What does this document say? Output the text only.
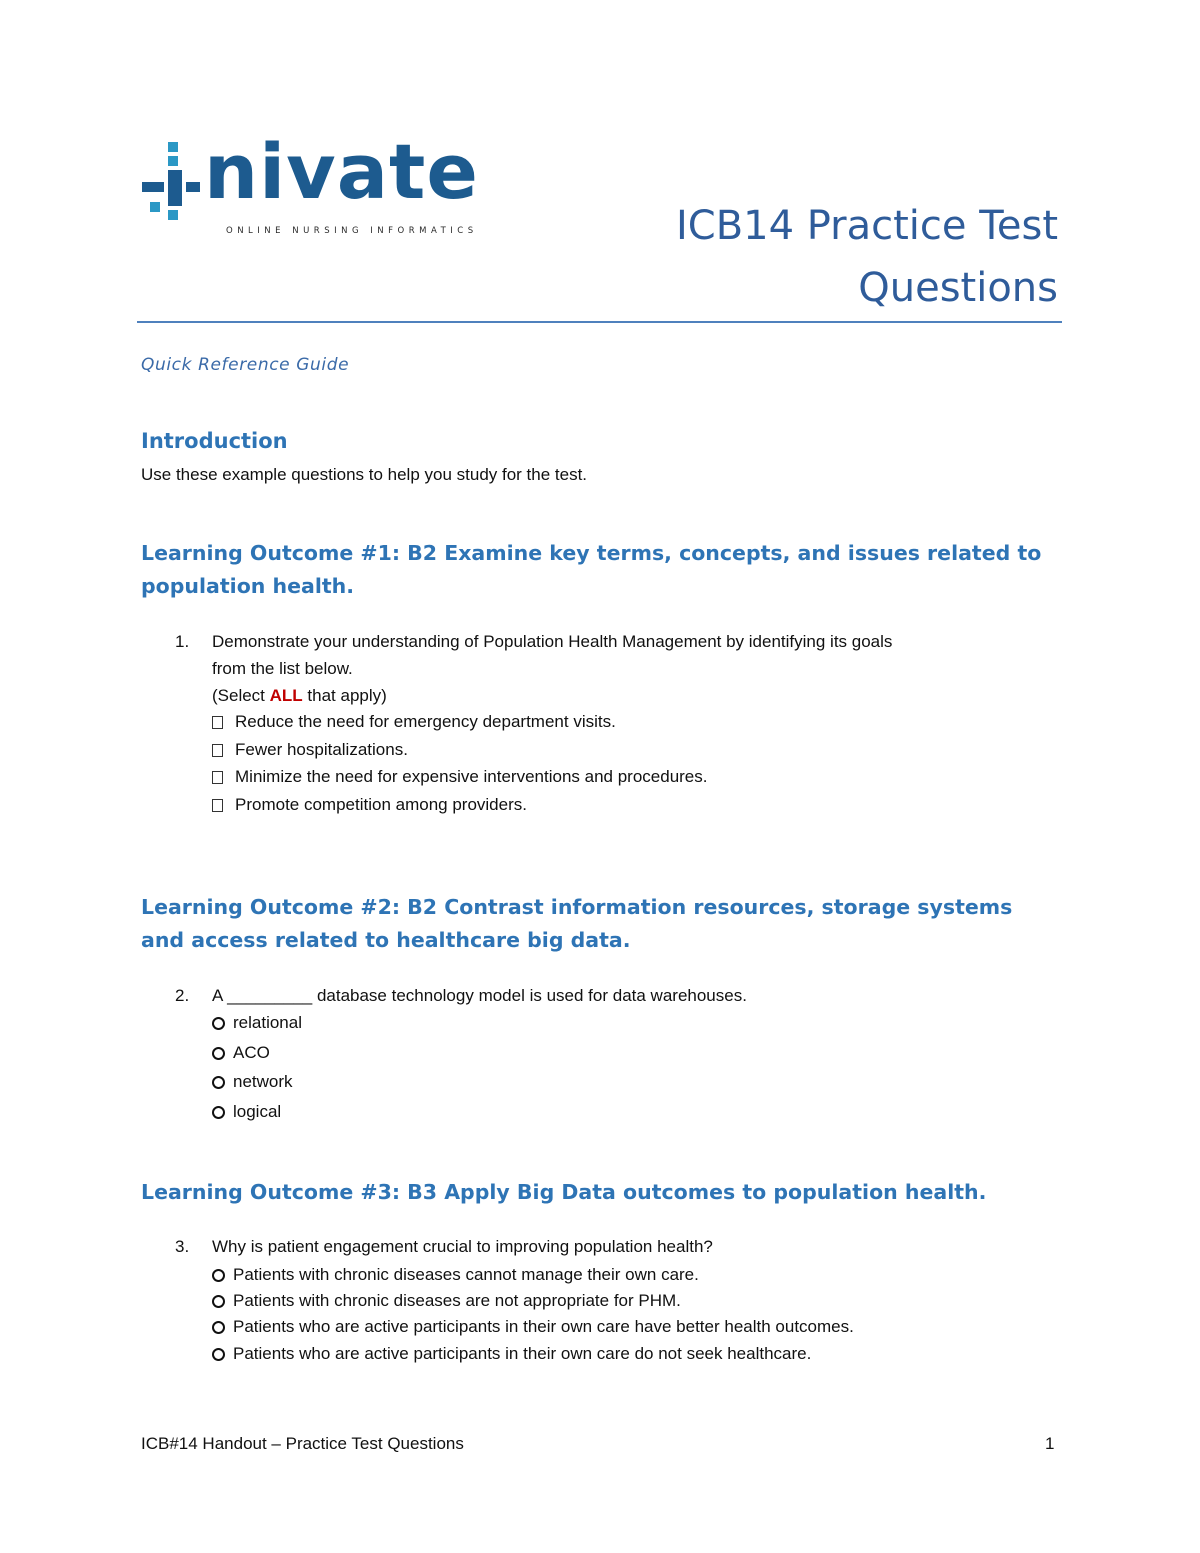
nivate
ONLINE NURSING INFORMATICS	ICB14 Practice Test
Questions
Quick Reference Guide
Introduction
Use these example questions to help you study for the test.
Learning Outcome #1: B2 Examine key terms, concepts, and issues related to population health.
1. Demonstrate your understanding of Population Health Management by identifying its goals
from the list below.
(Select ALL that apply)
Reduce the need for emergency department visits.
Fewer hospitalizations.
Minimize the need for expensive interventions and procedures.
Promote competition among providers.
Learning Outcome #2: B2 Contrast information resources, storage systems and access related to healthcare big data.
2. A _________ database technology model is used for data warehouses.
relational
ACO
network
logical
Learning Outcome #3: B3 Apply Big Data outcomes to population health.
3. Why is patient engagement crucial to improving population health?
Patients with chronic diseases cannot manage their own care.
Patients with chronic diseases are not appropriate for PHM.
Patients who are active participants in their own care have better health outcomes.
Patients who are active participants in their own care do not seek healthcare.
ICB#14 Handout – Practice Test Questions	1
